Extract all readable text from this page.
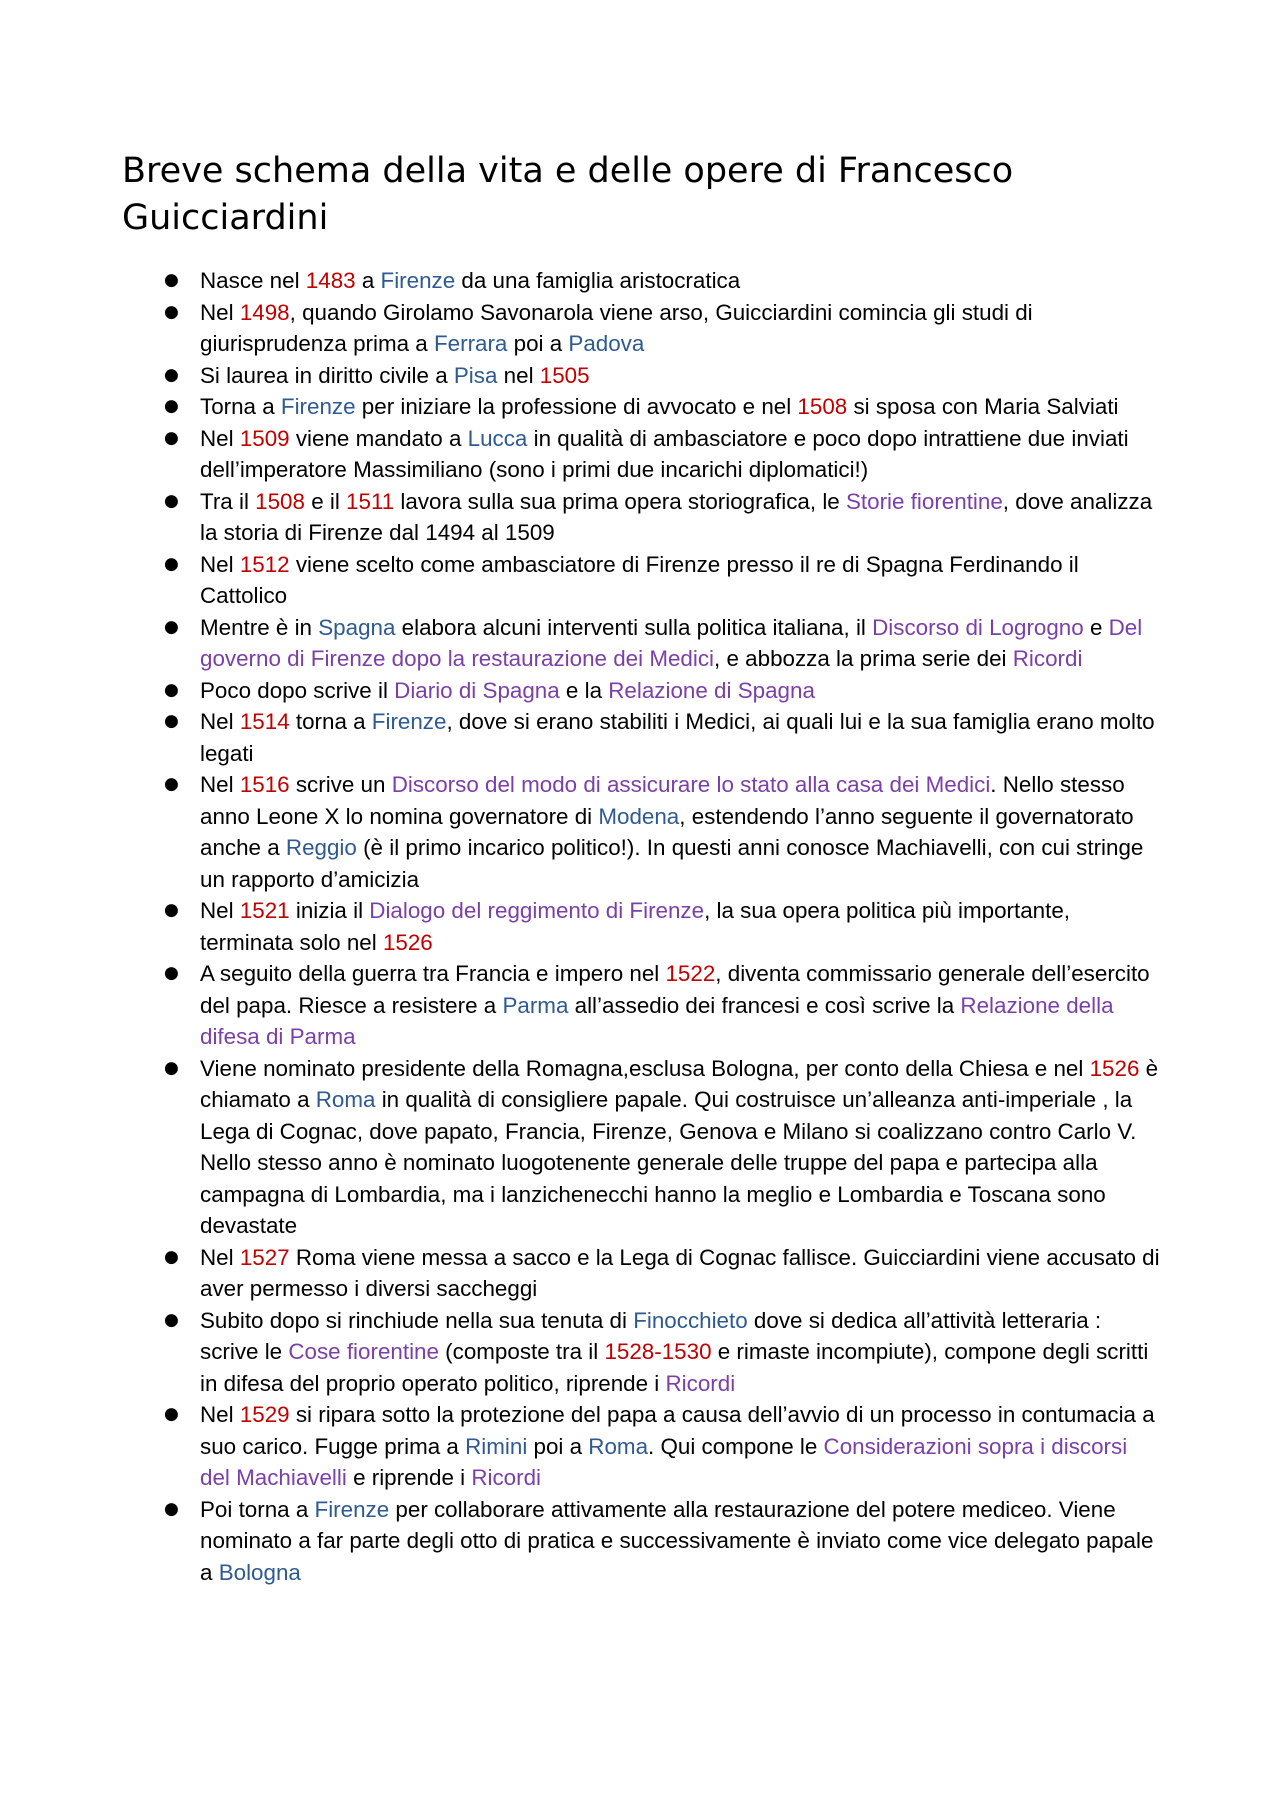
Breve schema della vita e delle opere di Francesco Guicciardini
● Nasce nel 1483 a Firenze da una famiglia aristocratica
● Nel 1498, quando Girolamo Savonarola viene arso, Guicciardini comincia gli studi di giurisprudenza prima a Ferrara poi a Padova
● Si laurea in diritto civile a Pisa nel 1505
● Torna a Firenze per iniziare la professione di avvocato e nel 1508 si sposa con Maria Salviati
● Nel 1509 viene mandato a Lucca in qualità di ambasciatore e poco dopo intrattiene due inviati dell’imperatore Massimiliano (sono i primi due incarichi diplomatici!)
● Tra il 1508 e il 1511 lavora sulla sua prima opera storiografica, le Storie fiorentine, dove analizza la storia di Firenze dal 1494 al 1509
● Nel 1512 viene scelto come ambasciatore di Firenze presso il re di Spagna Ferdinando il Cattolico
● Mentre è in Spagna elabora alcuni interventi sulla politica italiana, il Discorso di Logrogno e Del governo di Firenze dopo la restaurazione dei Medici, e abbozza la prima serie dei Ricordi
● Poco dopo scrive il Diario di Spagna e la Relazione di Spagna
● Nel 1514 torna a Firenze, dove si erano stabiliti i Medici, ai quali lui e la sua famiglia erano molto legati
● Nel 1516 scrive un Discorso del modo di assicurare lo stato alla casa dei Medici. Nello stesso anno Leone X lo nomina governatore di Modena, estendendo l’anno seguente il governatorato anche a Reggio (è il primo incarico politico!). In questi anni conosce Machiavelli, con cui stringe un rapporto d’amicizia
● Nel 1521 inizia il Dialogo del reggimento di Firenze, la sua opera politica più importante, terminata solo nel 1526
● A seguito della guerra tra Francia e impero nel 1522, diventa commissario generale dell’esercito del papa. Riesce a resistere a Parma all’assedio dei francesi e così scrive la Relazione della difesa di Parma
● Viene nominato presidente della Romagna,esclusa Bologna, per conto della Chiesa e nel 1526 è chiamato a Roma in qualità di consigliere papale. Qui costruisce un’alleanza anti-imperiale , la Lega di Cognac, dove papato, Francia, Firenze, Genova e Milano si coalizzano contro Carlo V. Nello stesso anno è nominato luogotenente generale delle truppe del papa e partecipa alla campagna di Lombardia, ma i lanzichenecchi hanno la meglio e Lombardia e Toscana sono devastate
● Nel 1527 Roma viene messa a sacco e la Lega di Cognac fallisce. Guicciardini viene accusato di aver permesso i diversi saccheggi
● Subito dopo si rinchiude nella sua tenuta di Finocchieto dove si dedica all’attività letteraria : scrive le Cose fiorentine (composte tra il 1528-1530 e rimaste incompiute), compone degli scritti in difesa del proprio operato politico, riprende i Ricordi
● Nel 1529 si ripara sotto la protezione del papa a causa dell’avvio di un processo in contumacia a suo carico. Fugge prima a Rimini poi a Roma. Qui compone le Considerazioni sopra i discorsi del Machiavelli e riprende i Ricordi
● Poi torna a Firenze per collaborare attivamente alla restaurazione del potere mediceo. Viene nominato a far parte degli otto di pratica e successivamente è inviato come vice delegato papale a Bologna
